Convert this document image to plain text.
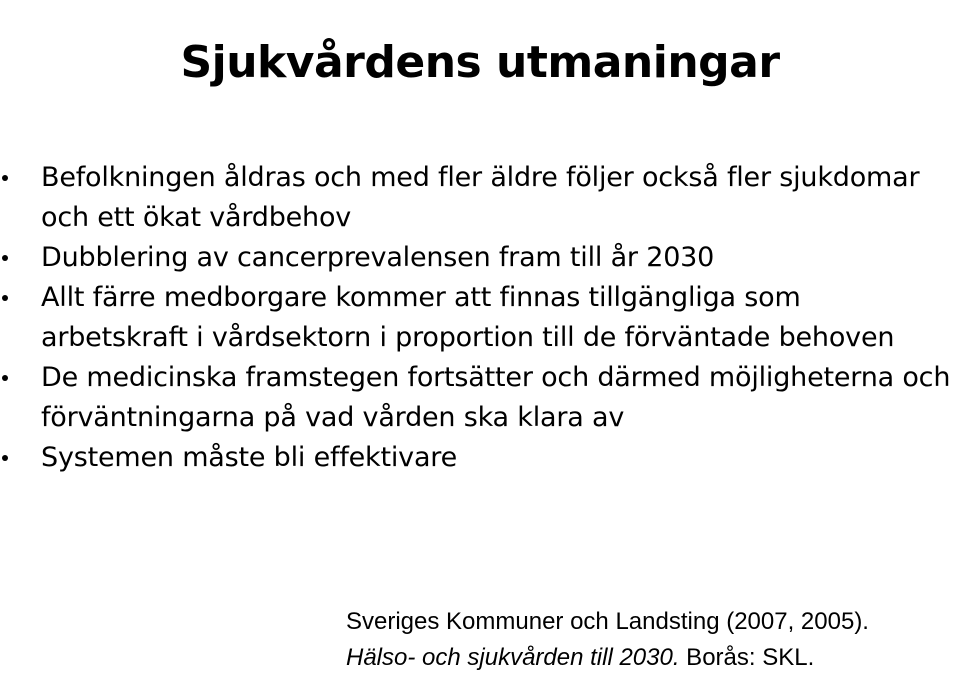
Sjukvårdens utmaningar
Befolkningen åldras och med fler äldre följer också fler sjukdomar och ett ökat vårdbehov
Dubblering av cancerprevalensen fram till år 2030
Allt färre medborgare kommer att finnas tillgängliga som arbetskraft i vårdsektorn i proportion till de förväntade behoven
De medicinska framstegen fortsätter och därmed möjligheterna och förväntningarna på vad vården ska klara av
Systemen måste bli effektivare
Sveriges Kommuner och Landsting (2007, 2005).
Hälso- och sjukvården till 2030. Borås: SKL.
